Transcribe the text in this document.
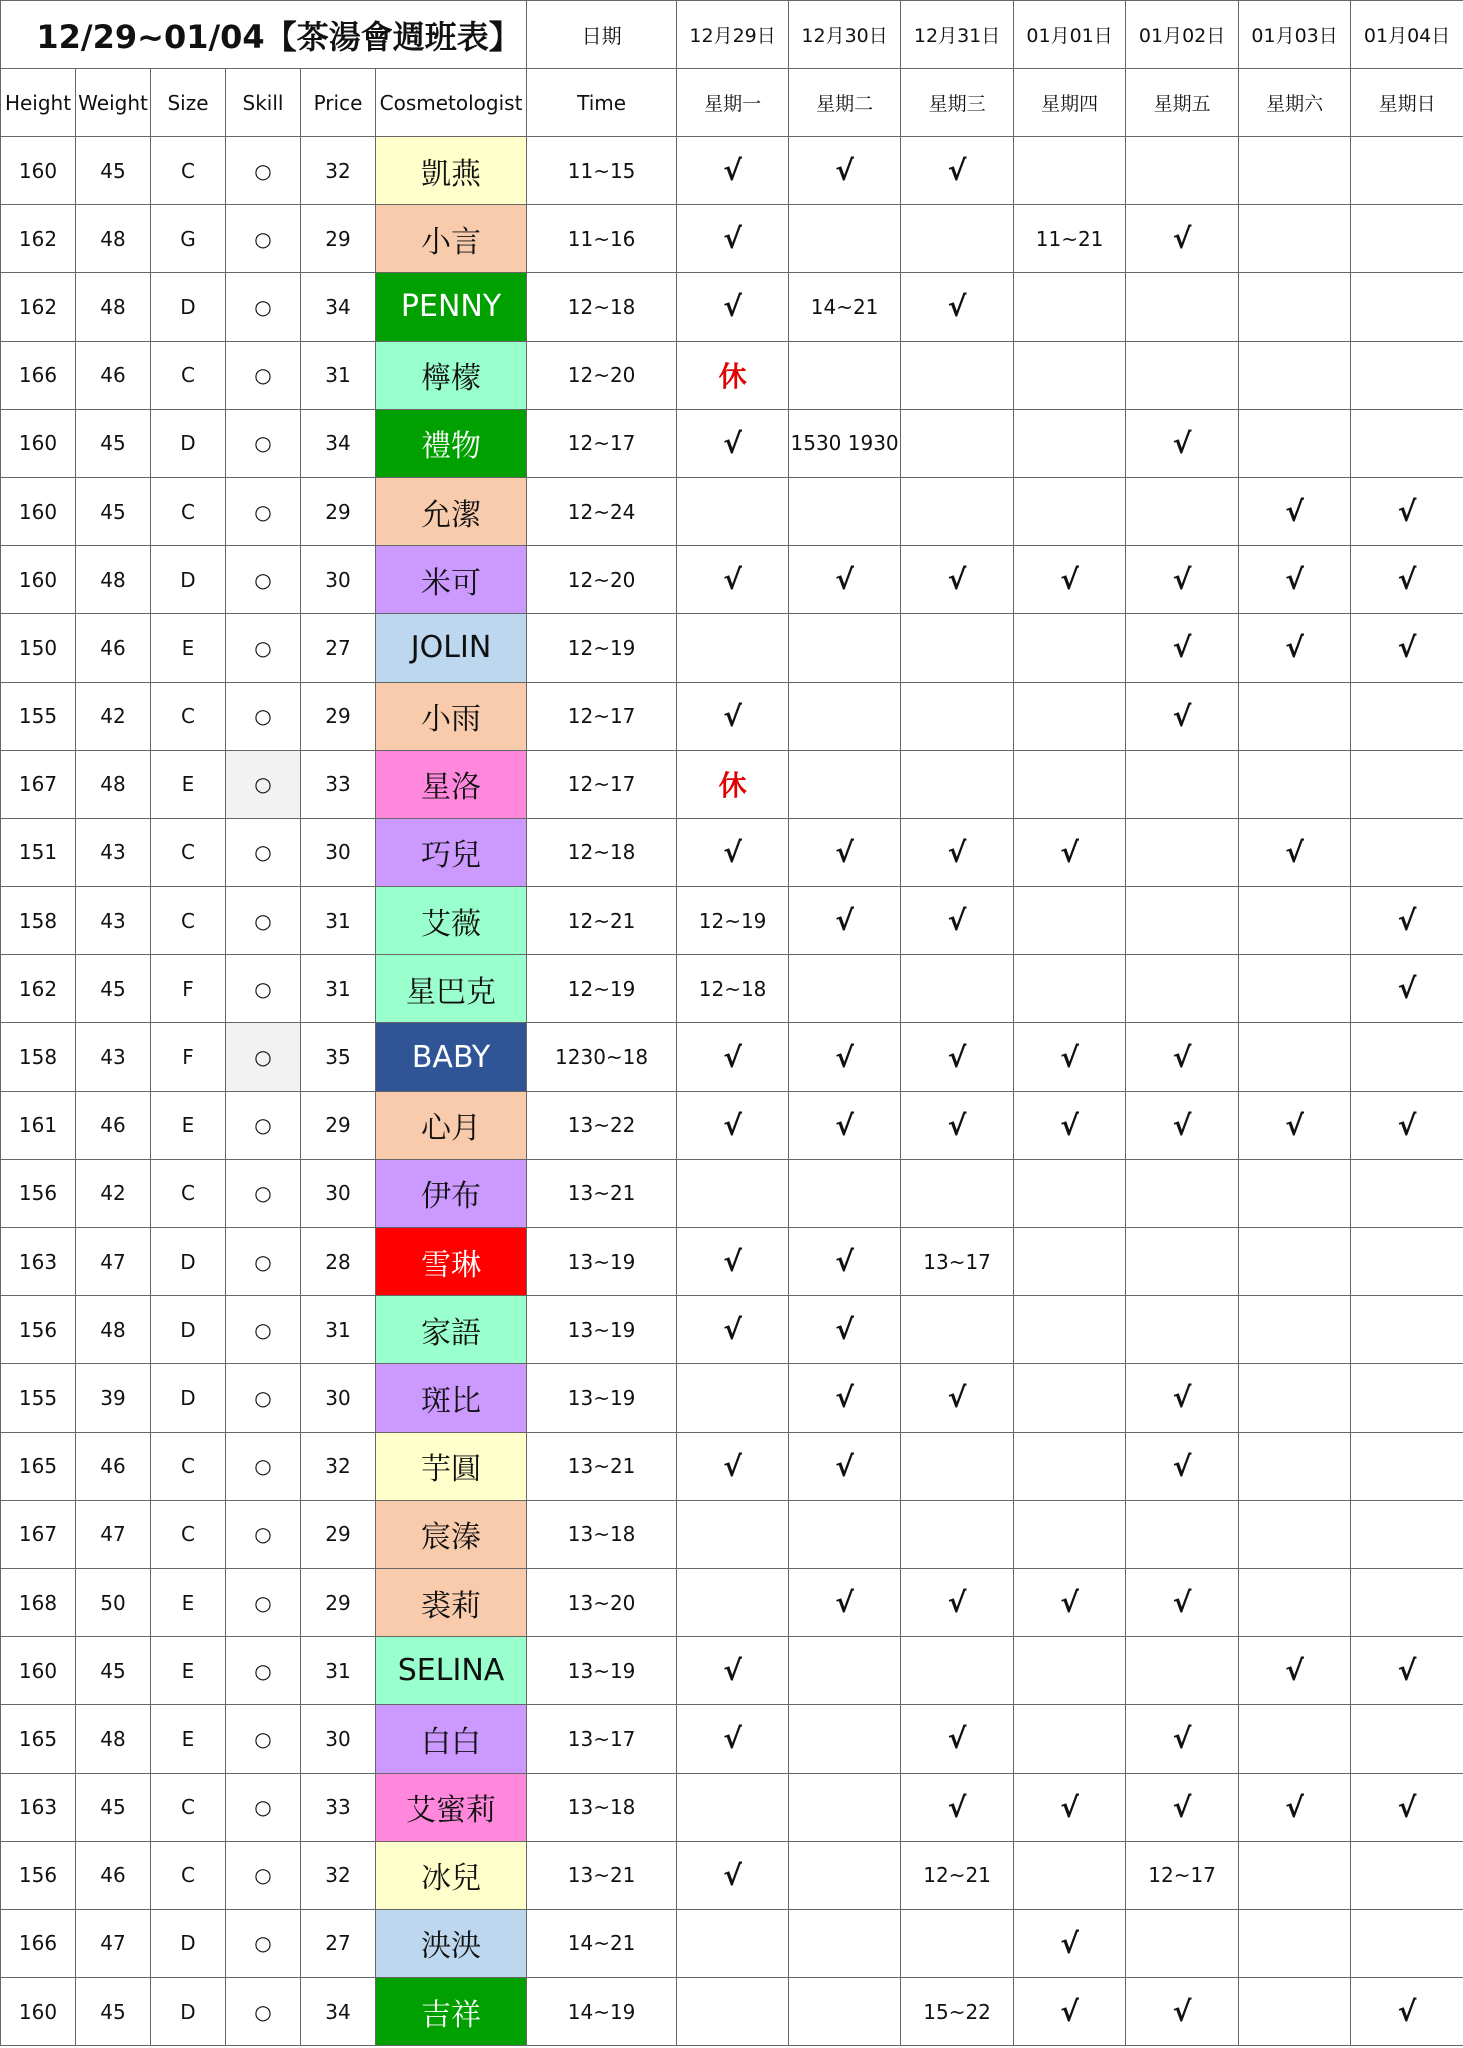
12/29~01/04【茶湯會週班表】						日期	12月29日	12月30日	12月31日	01月01日	01月02日	01月03日	01月04日
Height	Weight	Size	Skill	Price	Cosmetologist	Time	星期一	星期二	星期三	星期四	星期五	星期六	星期日
160	45	C	○	32	凱燕	11~15	√	√	√				
162	48	G	○	29	小言	11~16	√			11~21	√		
162	48	D	○	34	PENNY	12~18	√	14~21	√				
166	46	C	○	31	檸檬	12~20	休						
160	45	D	○	34	禮物	12~17	√	1530 1930			√		
160	45	C	○	29	允潔	12~24						√	√
160	48	D	○	30	米可	12~20	√	√	√	√	√	√	√
150	46	E	○	27	JOLIN	12~19					√	√	√
155	42	C	○	29	小雨	12~17	√				√		
167	48	E	○	33	星洛	12~17	休						
151	43	C	○	30	巧兒	12~18	√	√	√	√		√	
158	43	C	○	31	艾薇	12~21	12~19	√	√				√
162	45	F	○	31	星巴克	12~19	12~18						√
158	43	F	○	35	BABY	1230~18	√	√	√	√	√		
161	46	E	○	29	心月	13~22	√	√	√	√	√	√	√
156	42	C	○	30	伊布	13~21							
163	47	D	○	28	雪琳	13~19	√	√	13~17				
156	48	D	○	31	家語	13~19	√	√					
155	39	D	○	30	斑比	13~19		√	√		√		
165	46	C	○	32	芋圓	13~21	√	√			√		
167	47	C	○	29	宸溱	13~18							
168	50	E	○	29	裘莉	13~20		√	√	√	√		
160	45	E	○	31	SELINA	13~19	√					√	√
165	48	E	○	30	白白	13~17	√		√		√		
163	45	C	○	33	艾蜜莉	13~18			√	√	√	√	√
156	46	C	○	32	冰兒	13~21	√		12~21		12~17		
166	47	D	○	27	泱泱	14~21				√			
160	45	D	○	34	吉祥	14~19			15~22	√	√		√
